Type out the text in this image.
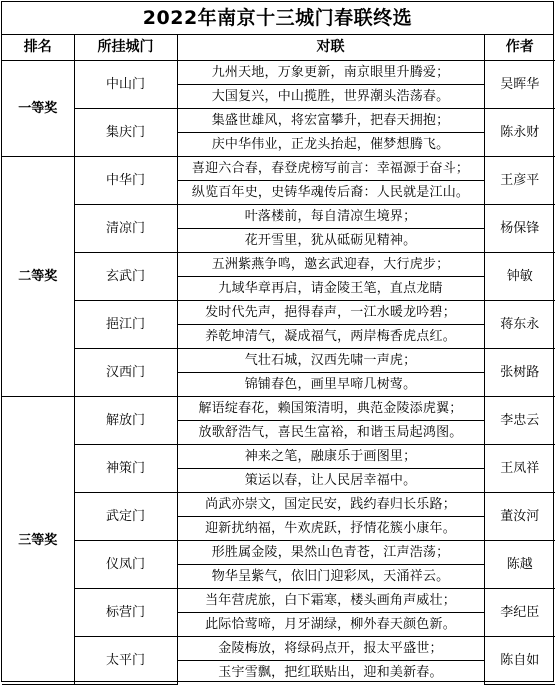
2022年南京十三城门春联终选
排名	所挂城门	对联	作者
一等奖	中山门	九州天地，万象更新，南京眼里升腾爱；	吴晖华
		大国复兴，中山揽胜，世界潮头浩荡春。	
	集庆门	集盛世雄风，将宏富攀升，把春天拥抱；	陈永财
		庆中华伟业，正龙头抬起，催梦想腾飞。	
二等奖	中华门	喜迎六合春，春登虎榜写前言：幸福源于奋斗；	王彦平
		纵览百年史，史铸华魂传后裔：人民就是江山。	
	清凉门	叶落楼前，每自清凉生境界；	杨保锋
		花开雪里，犹从砥砺见精神。	
	玄武门	五洲紫燕争鸣，邀玄武迎春，大行虎步；	钟敏
		九域华章再启，请金陵王笔，直点龙睛	
	挹江门	发时代先声，挹得春声，一江水暖龙吟碧；	蒋东永
		养乾坤清气，凝成福气，两岸梅香虎点红。	
	汉西门	气壮石城，汉西先啸一声虎；	张树路
		锦铺春色，画里早啼几树莺。	
三等奖	解放门	解语绽春花，赖国策清明，典范金陵添虎翼；	李忠云
		放歌舒浩气，喜民生富裕，和谐玉局起鸿图。	
	神策门	神来之笔，融康乐于画图里；	王凤祥
		策运以春，让人民居幸福中。	
	武定门	尚武亦崇文，国定民安，践约春归长乐路；	董汝河
		迎新扰纳福，牛欢虎跃，抒情花簇小康年。	
	仪凤门	形胜属金陵，果然山色青苍，江声浩荡；	陈越
		物华呈紫气，依旧门迎彩凤，天涌祥云。	
	标营门	当年营虎旅，白下霜寒，楼头画角声威壮；	李纪臣
		此际恰莺啼，月牙湖绿，柳外春天颜色新。	
	太平门	金陵梅放，将绿码点开，报太平盛世；	陈自如
		玉宇雪飘，把红联贴出，迎和美新春。	
